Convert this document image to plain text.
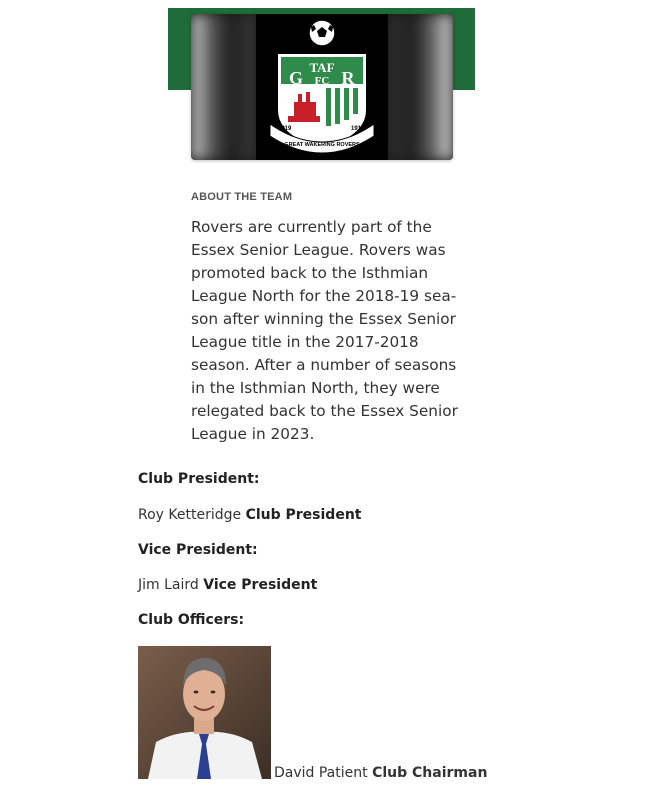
TAF
G R
FC
1919	1919
GREAT WAKERING ROVERS
ABOUT THE TEAM

Rovers are currently part of the Essex Senior League. Rovers was promoted back to the Isthmian League North for the 2018-19 season after winning the Essex Senior League title in the 2017-2018 season. After a number of seasons in the Isthmian North, they were relegated back to the Essex Senior League in 2023.

Club President:
Roy Ketteridge Club President
Vice President:
Jim Laird Vice President
Club Officers:
David Patient Club Chairman
